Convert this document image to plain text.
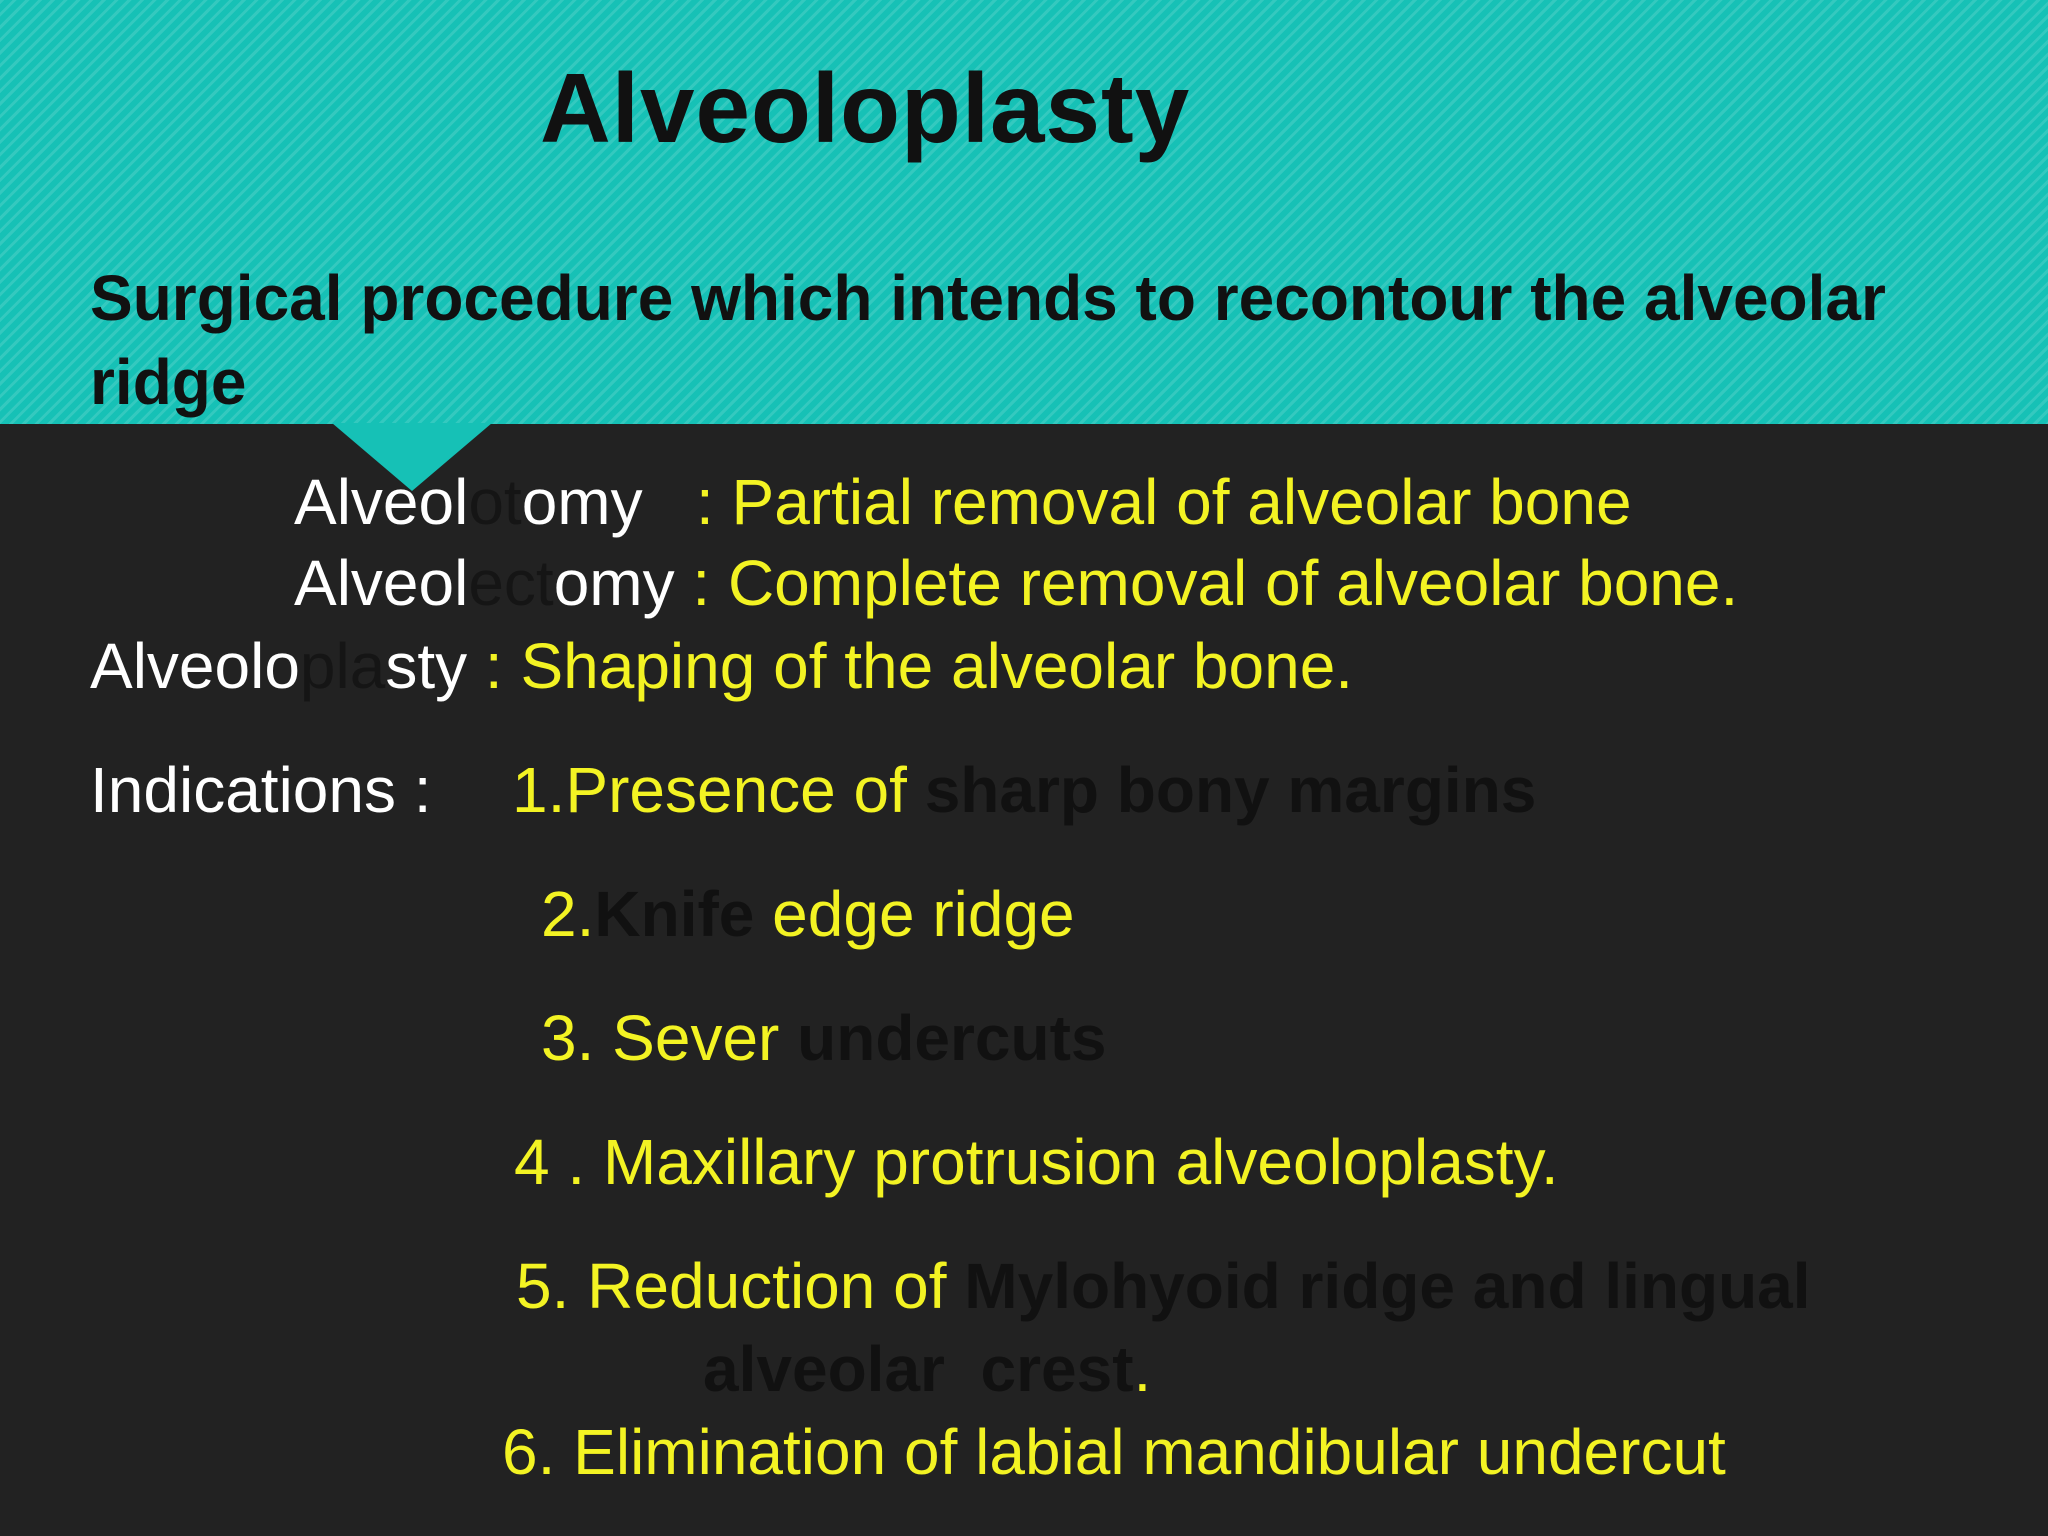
Alveoloplasty

Surgical procedure which intends to recontour the alveolar ridge

Alveolotomy   : Partial removal of alveolar bone
Alveolectomy : Complete removal of alveolar bone.
Alveoloplasty : Shaping of the alveolar bone.
Indications : 1.Presence of sharp bony margins
2.Knife edge ridge
3. Sever undercuts
4 . Maxillary protrusion alveoloplasty.
5. Reduction of Mylohyoid ridge and lingual
alveolar  crest.
6. Elimination of labial mandibular undercut
